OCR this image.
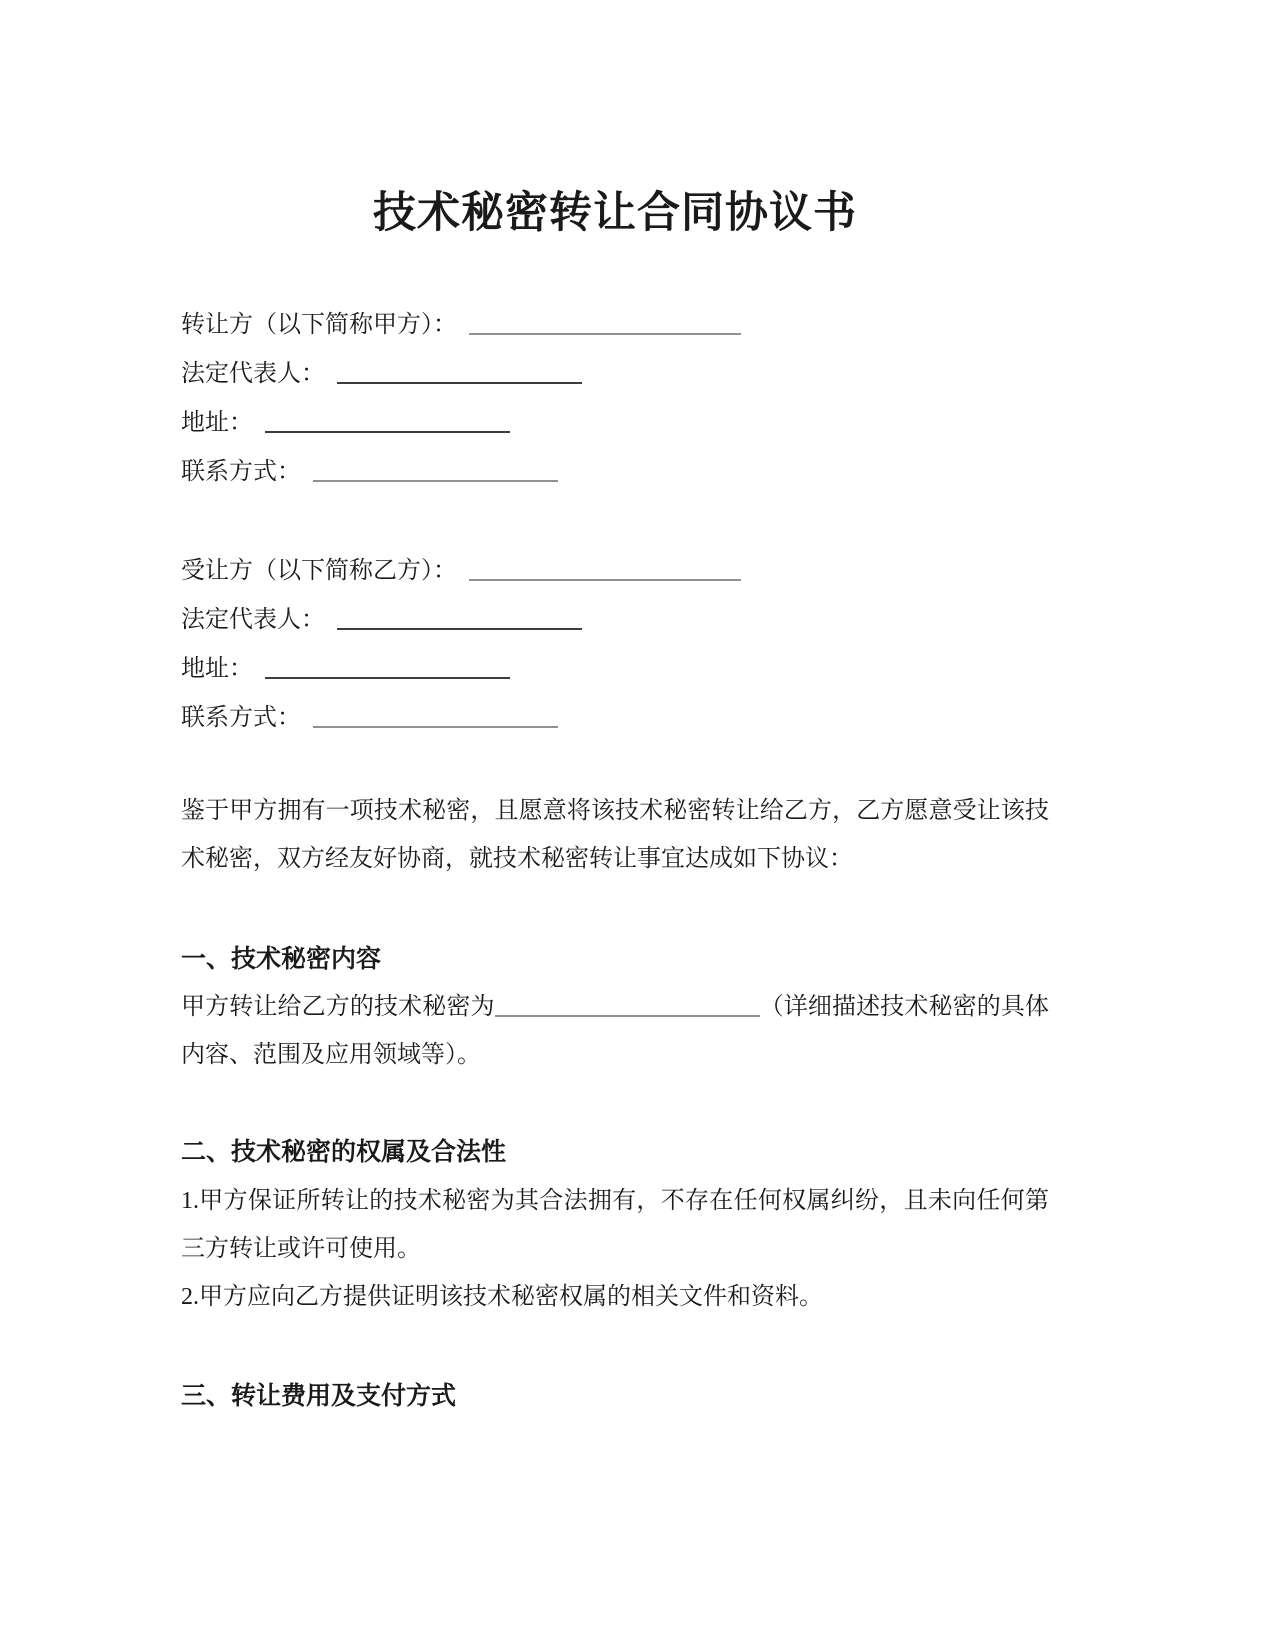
技术秘密转让合同协议书

转让方（以下简称甲方）：

法定代表人：

地址：

联系方式：

受让方（以下简称乙方）：

法定代表人：

地址：

联系方式：

鉴于甲方拥有一项技术秘密，且愿意将该技术秘密转让给乙方，乙方愿意受让该技术秘密，双方经友好协商，就技术秘密转让事宜达成如下协议：

一、技术秘密内容

甲方转让给乙方的技术秘密为	（详细描述技术秘密的具体内容、范围及应用领域等）。

二、技术秘密的权属及合法性

1.甲方保证所转让的技术秘密为其合法拥有，不存在任何权属纠纷，且未向任何第三方转让或许可使用。

2.甲方应向乙方提供证明该技术秘密权属的相关文件和资料。

三、转让费用及支付方式
